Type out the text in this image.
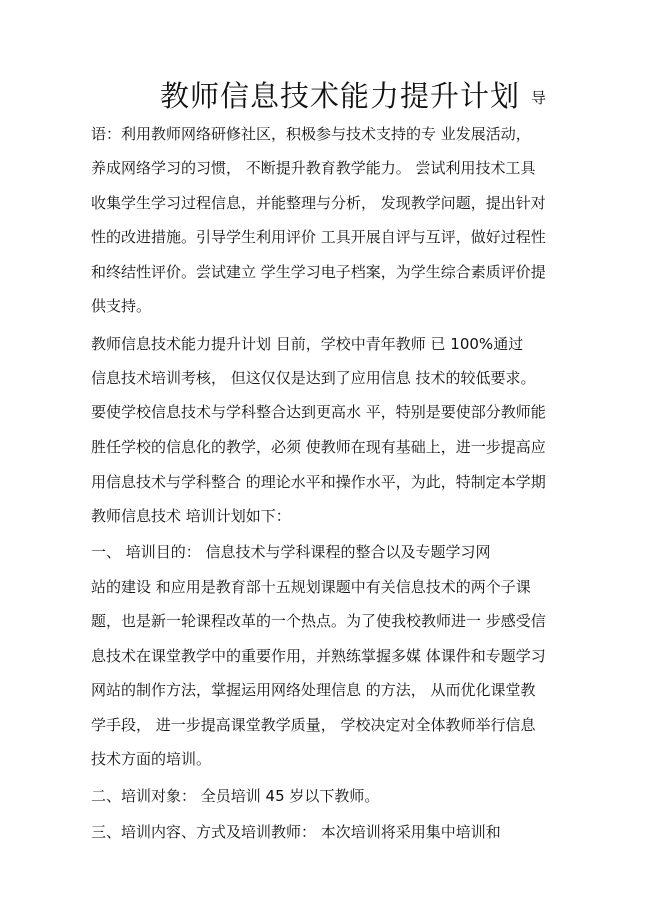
教师信息技术能力提升计划 导
语：利用教师网络研修社区，积极参与技术支持的专 业发展活动，
养成网络学习的习惯， 不断提升教育教学能力。 尝试利用技术工具
收集学生学习过程信息，并能整理与分析， 发现教学问题，提出针对
性的改进措施。引导学生利用评价 工具开展自评与互评，做好过程性
和终结性评价。尝试建立 学生学习电子档案，为学生综合素质评价提
供支持。
教师信息技术能力提升计划 目前，学校中青年教师 已 100%通过
信息技术培训考核， 但这仅仅是达到了应用信息 技术的较低要求。
要使学校信息技术与学科整合达到更高水 平，特别是要使部分教师能
胜任学校的信息化的教学，必须 使教师在现有基础上，进一步提高应
用信息技术与学科整合 的理论水平和操作水平，为此，特制定本学期
教师信息技术 培训计划如下：
一、 培训目的： 信息技术与学科课程的整合以及专题学习网
站的建设 和应用是教育部十五规划课题中有关信息技术的两个子课
题，也是新一轮课程改革的一个热点。为了使我校教师进一 步感受信
息技术在课堂教学中的重要作用，并熟练掌握多媒 体课件和专题学习
网站的制作方法，掌握运用网络处理信息 的方法， 从而优化课堂教
学手段， 进一步提高课堂教学质量， 学校决定对全体教师举行信息
技术方面的培训。
二、培训对象： 全员培训 45 岁以下教师。
三、培训内容、方式及培训教师： 本次培训将采用集中培训和
